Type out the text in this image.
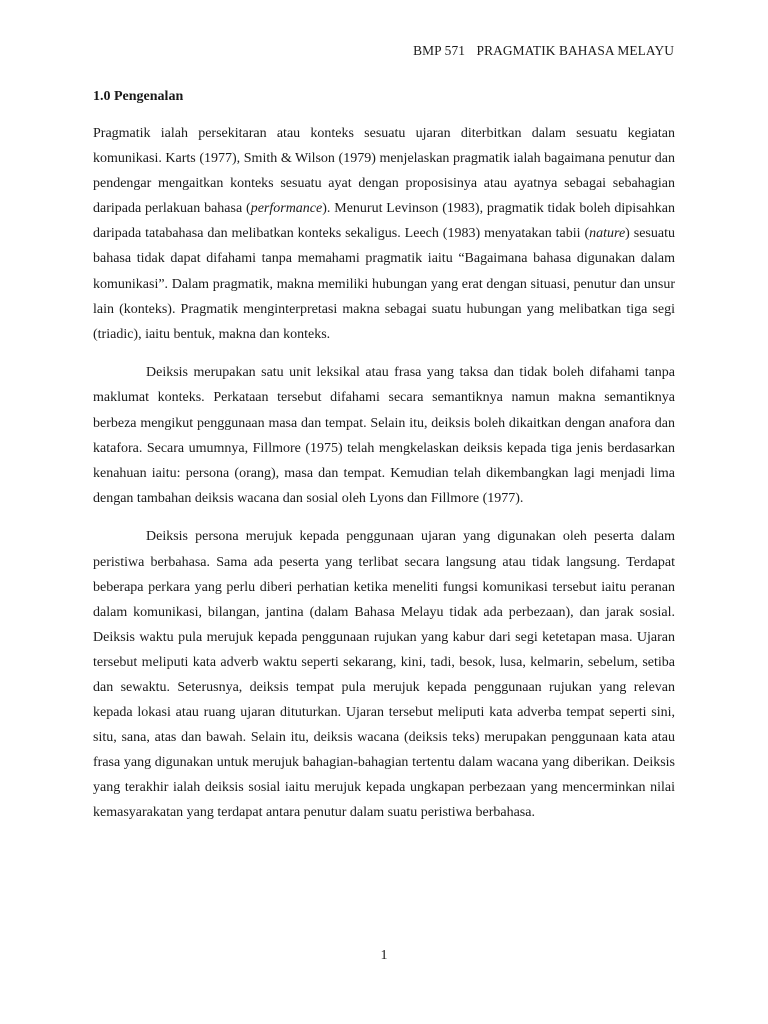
BMP 571 PRAGMATIK BAHASA MELAYU
1.0 Pengenalan

Pragmatik ialah persekitaran atau konteks sesuatu ujaran diterbitkan dalam sesuatu kegiatan komunikasi. Karts (1977), Smith & Wilson (1979) menjelaskan pragmatik ialah bagaimana penutur dan pendengar mengaitkan konteks sesuatu ayat dengan proposisinya atau ayatnya sebagai sebahagian daripada perlakuan bahasa (performance). Menurut Levinson (1983), pragmatik tidak boleh dipisahkan daripada tatabahasa dan melibatkan konteks sekaligus. Leech (1983) menyatakan tabii (nature) sesuatu bahasa tidak dapat difahami tanpa memahami pragmatik iaitu “Bagaimana bahasa digunakan dalam komunikasi”. Dalam pragmatik, makna memiliki hubungan yang erat dengan situasi, penutur dan unsur lain (konteks). Pragmatik menginterpretasi makna sebagai suatu hubungan yang melibatkan tiga segi (triadic), iaitu bentuk, makna dan konteks.

Deiksis merupakan satu unit leksikal atau frasa yang taksa dan tidak boleh difahami tanpa maklumat konteks. Perkataan tersebut difahami secara semantiknya namun makna semantiknya berbeza mengikut penggunaan masa dan tempat. Selain itu, deiksis boleh dikaitkan dengan anafora dan katafora. Secara umumnya, Fillmore (1975) telah mengkelaskan deiksis kepada tiga jenis berdasarkan kenahuan iaitu: persona (orang), masa dan tempat. Kemudian telah dikembangkan lagi menjadi lima dengan tambahan deiksis wacana dan sosial oleh Lyons dan Fillmore (1977).

Deiksis persona merujuk kepada penggunaan ujaran yang digunakan oleh peserta dalam peristiwa berbahasa. Sama ada peserta yang terlibat secara langsung atau tidak langsung. Terdapat beberapa perkara yang perlu diberi perhatian ketika meneliti fungsi komunikasi tersebut iaitu peranan dalam komunikasi, bilangan, jantina (dalam Bahasa Melayu tidak ada perbezaan), dan jarak sosial. Deiksis waktu pula merujuk kepada penggunaan rujukan yang kabur dari segi ketetapan masa. Ujaran tersebut meliputi kata adverb waktu seperti sekarang, kini, tadi, besok, lusa, kelmarin, sebelum, setiba dan sewaktu. Seterusnya, deiksis tempat pula merujuk kepada penggunaan rujukan yang relevan kepada lokasi atau ruang ujaran dituturkan. Ujaran tersebut meliputi kata adverba tempat seperti sini, situ, sana, atas dan bawah. Selain itu, deiksis wacana (deiksis teks) merupakan penggunaan kata atau frasa yang digunakan untuk merujuk bahagian-bahagian tertentu dalam wacana yang diberikan. Deiksis yang terakhir ialah deiksis sosial iaitu merujuk kepada ungkapan perbezaan yang mencerminkan nilai kemasyarakatan yang terdapat antara penutur dalam suatu peristiwa berbahasa.

1
